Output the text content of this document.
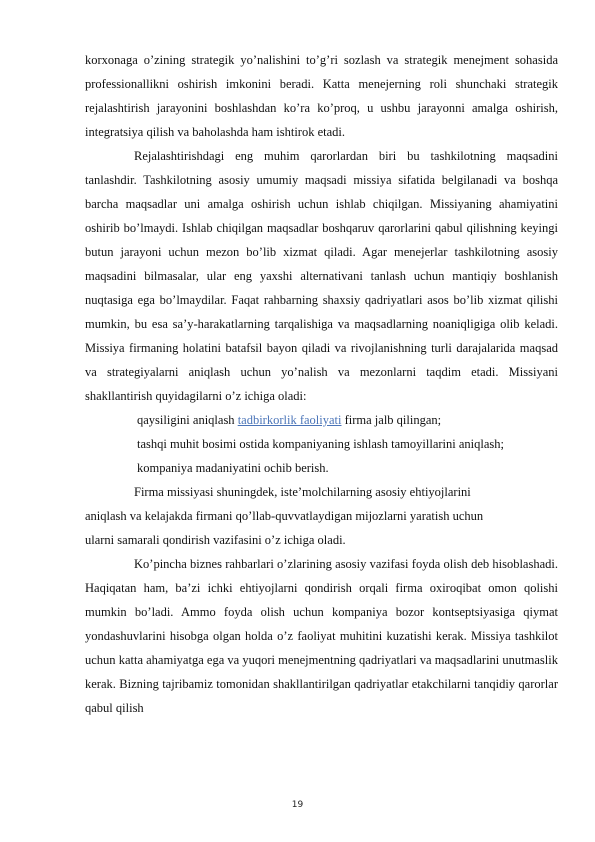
korxonaga o’zining strategik yo’nalishini to’g’ri sozlash va strategik menejment sohasida professionallikni oshirish imkonini beradi. Katta menejerning roli shunchaki strategik rejalashtirish jarayonini boshlashdan ko’ra ko’proq, u ushbu jarayonni amalga oshirish, integratsiya qilish va baholashda ham ishtirok etadi.

Rejalashtirishdagi eng muhim qarorlardan biri bu tashkilotning maqsadini tanlashdir. Tashkilotning asosiy umumiy maqsadi missiya sifatida belgilanadi va boshqa barcha maqsadlar uni amalga oshirish uchun ishlab chiqilgan. Missiyaning ahamiyatini oshirib bo’lmaydi. Ishlab chiqilgan maqsadlar boshqaruv qarorlarini qabul qilishning keyingi butun jarayoni uchun mezon bo’lib xizmat qiladi. Agar menejerlar tashkilotning asosiy maqsadini bilmasalar, ular eng yaxshi alternativani tanlash uchun mantiqiy boshlanish nuqtasiga ega bo’lmaydilar. Faqat rahbarning shaxsiy qadriyatlari asos bo’lib xizmat qilishi mumkin, bu esa sa’y-harakatlarning tarqalishiga va maqsadlarning noaniqligiga olib keladi. Missiya firmaning holatini batafsil bayon qiladi va rivojlanishning turli darajalarida maqsad va strategiyalarni aniqlash uchun yo’nalish va mezonlarni taqdim etadi. Missiyani shakllantirish quyidagilarni o’z ichiga oladi:

qaysiligini aniqlash tadbirkorlik faoliyati firma jalb qilingan;

tashqi muhit bosimi ostida kompaniyaning ishlash tamoyillarini aniqlash;

kompaniya madaniyatini ochib berish.

Firma missiyasi shuningdek, iste’molchilarning asosiy ehtiyojlarini

aniqlash va kelajakda firmani qo’llab-quvvatlaydigan mijozlarni yaratish uchun

ularni samarali qondirish vazifasini o’z ichiga oladi.

Ko’pincha biznes rahbarlari o’zlarining asosiy vazifasi foyda olish deb hisoblashadi. Haqiqatan ham, ba’zi ichki ehtiyojlarni qondirish orqali firma oxiroqibat omon qolishi mumkin bo’ladi. Ammo foyda olish uchun kompaniya bozor kontseptsiyasiga qiymat yondashuvlarini hisobga olgan holda o’z faoliyat muhitini kuzatishi kerak. Missiya tashkilot uchun katta ahamiyatga ega va yuqori menejmentning qadriyatlari va maqsadlarini unutmaslik kerak. Bizning tajribamiz tomonidan shakllantirilgan qadriyatlar etakchilarni tanqidiy qarorlar qabul qilish

19
